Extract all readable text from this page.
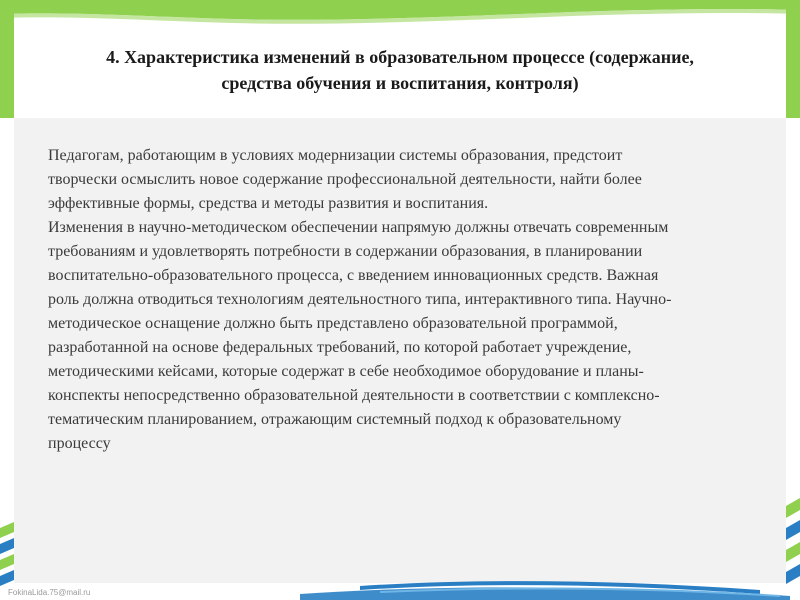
4. Характеристика изменений в образовательном процессе (содержание,
средства обучения и воспитания, контроля)
Педагогам, работающим в условиях модернизации системы образования, предстоит
творчески осмыслить новое содержание профессиональной деятельности, найти более
эффективные формы, средства и методы развития и воспитания.
Изменения в научно-методическом обеспечении напрямую должны отвечать современным
требованиям и удовлетворять потребности в содержании образования, в планировании
воспитательно-образовательного процесса, с введением инновационных средств. Важная
роль должна отводиться технологиям деятельностного типа, интерактивного типа. Научно-
методическое оснащение должно быть представлено образовательной программой,
разработанной на основе федеральных требований, по которой работает учреждение,
методическими кейсами, которые содержат в себе необходимое оборудование и планы-
конспекты непосредственно образовательной деятельности в соответствии с комплексно-
тематическим планированием, отражающим системный подход к образовательному
процессу
FokinaLida.75@mail.ru
